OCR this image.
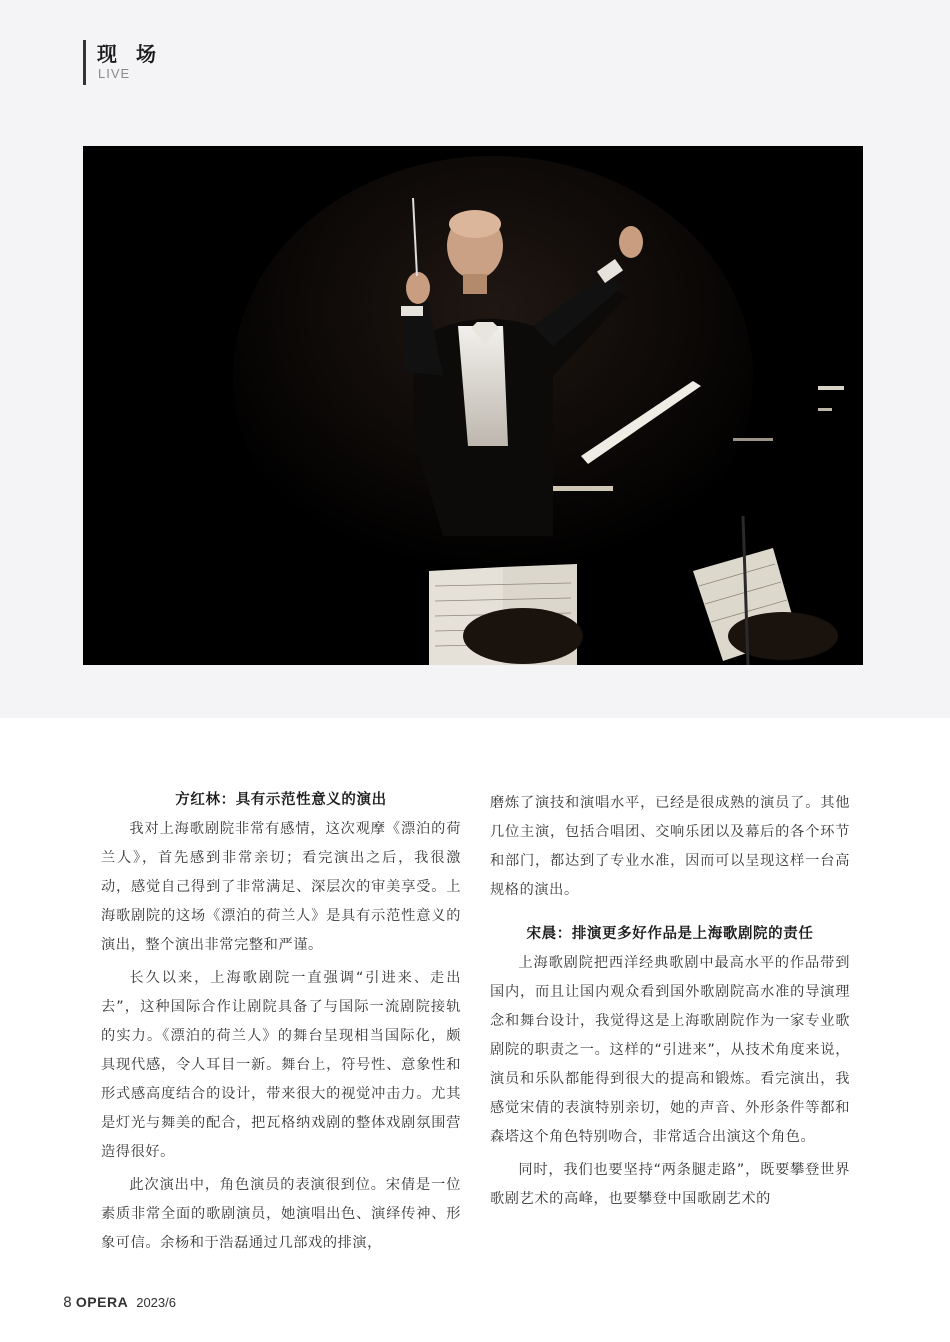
现 场
LIVE
方红林：具有示范性意义的演出

我对上海歌剧院非常有感情，这次观摩《漂泊的荷兰人》，首先感到非常亲切；看完演出之后，我很激动，感觉自己得到了非常满足、深层次的审美享受。上海歌剧院的这场《漂泊的荷兰人》是具有示范性意义的演出，整个演出非常完整和严谨。

长久以来，上海歌剧院一直强调“引进来、走出去”，这种国际合作让剧院具备了与国际一流剧院接轨的实力。《漂泊的荷兰人》的舞台呈现相当国际化，颇具现代感，令人耳目一新。舞台上，符号性、意象性和形式感高度结合的设计，带来很大的视觉冲击力。尤其是灯光与舞美的配合，把瓦格纳戏剧的整体戏剧氛围营造得很好。

此次演出中，角色演员的表演很到位。宋倩是一位素质非常全面的歌剧演员，她演唱出色、演绎传神、形象可信。余杨和于浩磊通过几部戏的排演，

磨炼了演技和演唱水平，已经是很成熟的演员了。其他几位主演，包括合唱团、交响乐团以及幕后的各个环节和部门，都达到了专业水准，因而可以呈现这样一台高规格的演出。

宋晨：排演更多好作品是上海歌剧院的责任

上海歌剧院把西洋经典歌剧中最高水平的作品带到国内，而且让国内观众看到国外歌剧院高水准的导演理念和舞台设计，我觉得这是上海歌剧院作为一家专业歌剧院的职责之一。这样的“引进来”，从技术角度来说，演员和乐队都能得到很大的提高和锻炼。看完演出，我感觉宋倩的表演特别亲切，她的声音、外形条件等都和森塔这个角色特别吻合，非常适合出演这个角色。

同时，我们也要坚持“两条腿走路”，既要攀登世界歌剧艺术的高峰，也要攀登中国歌剧艺术的

8 OPERA 2023/6
